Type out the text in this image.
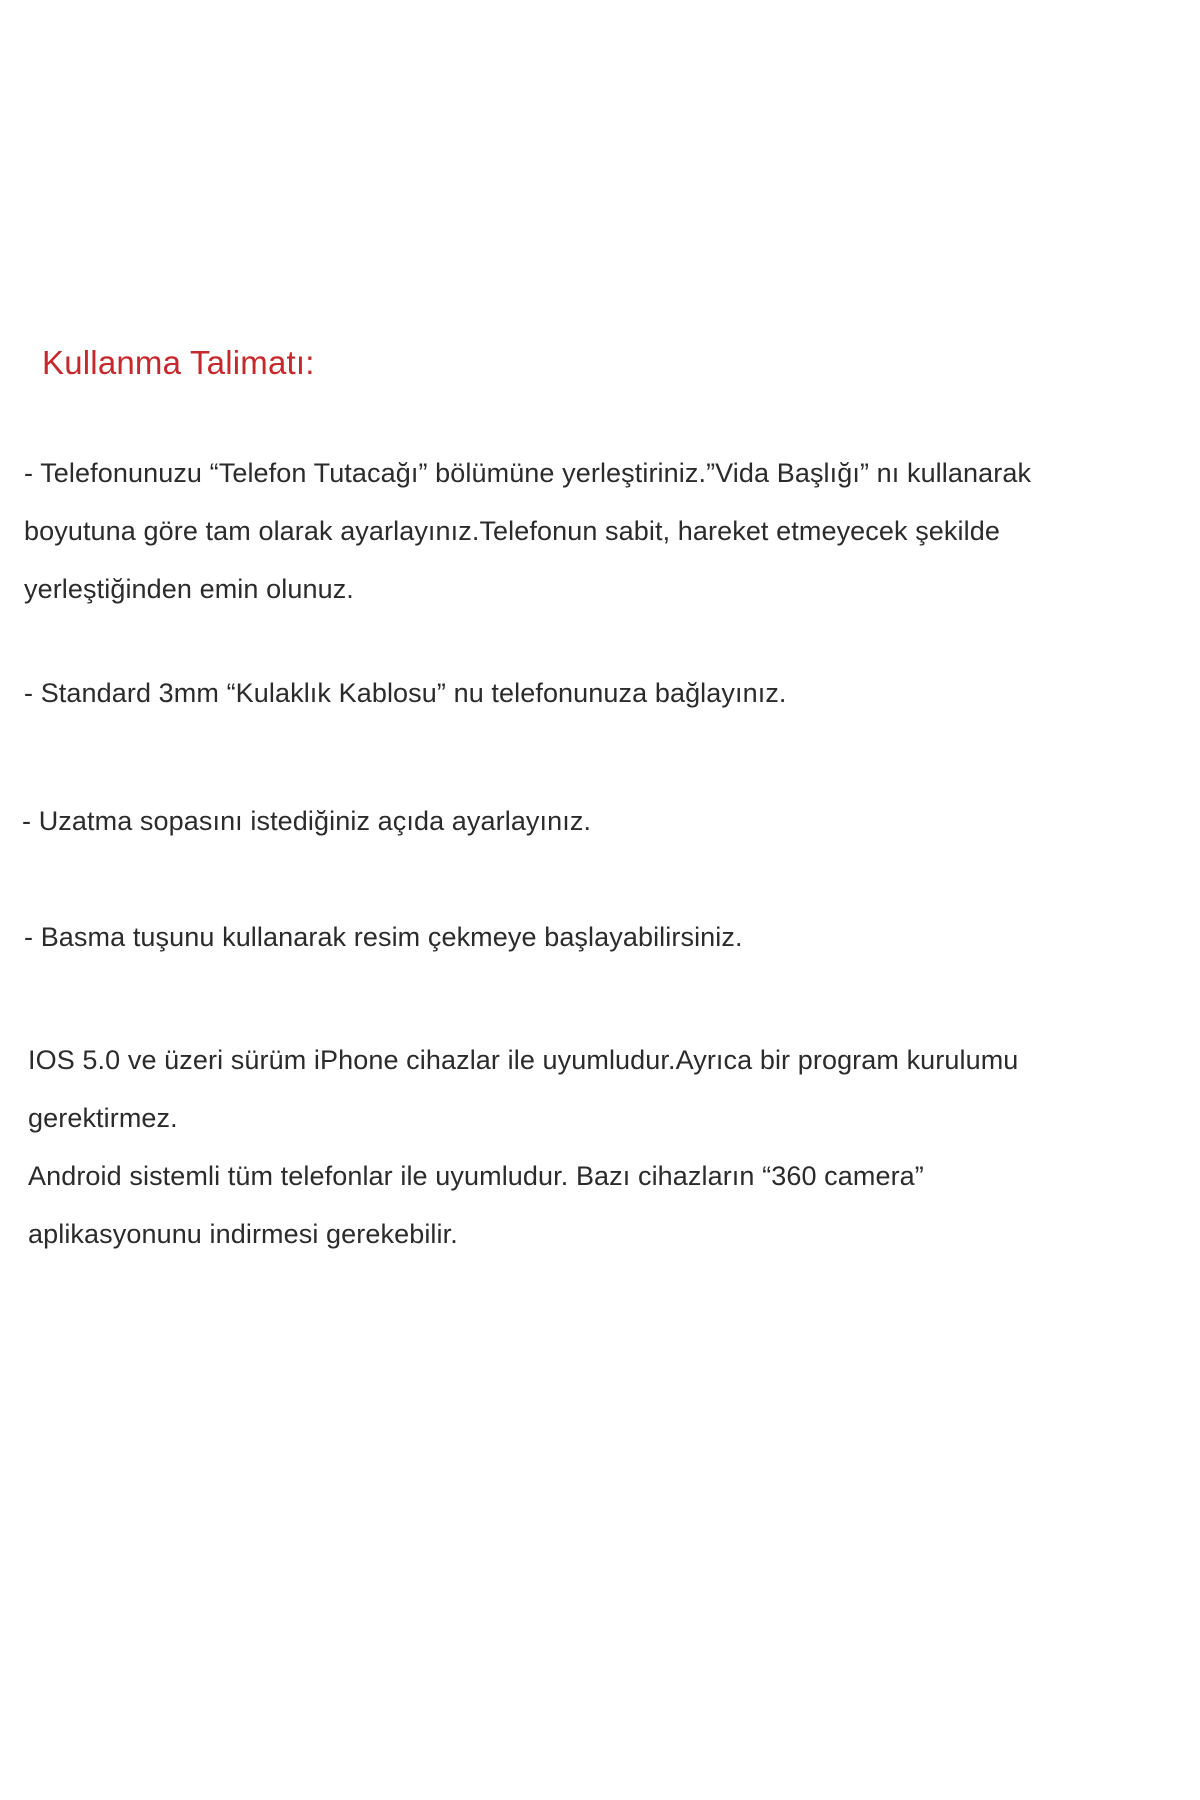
Kullanma Talimatı:
- Telefonunuzu “Telefon Tutacağı” bölümüne yerleştiriniz.”Vida Başlığı” nı kullanarak
boyutuna göre tam olarak ayarlayınız.Telefonun sabit, hareket etmeyecek şekilde
yerleştiğinden emin olunuz.
- Standard 3mm “Kulaklık Kablosu” nu telefonunuza bağlayınız.
- Uzatma sopasını istediğiniz açıda ayarlayınız.
- Basma tuşunu kullanarak resim çekmeye başlayabilirsiniz.
IOS 5.0 ve üzeri sürüm iPhone cihazlar ile uyumludur.Ayrıca bir program kurulumu
gerektirmez.
Android sistemli tüm telefonlar ile uyumludur. Bazı cihazların “360 camera”
aplikasyonunu indirmesi gerekebilir.
